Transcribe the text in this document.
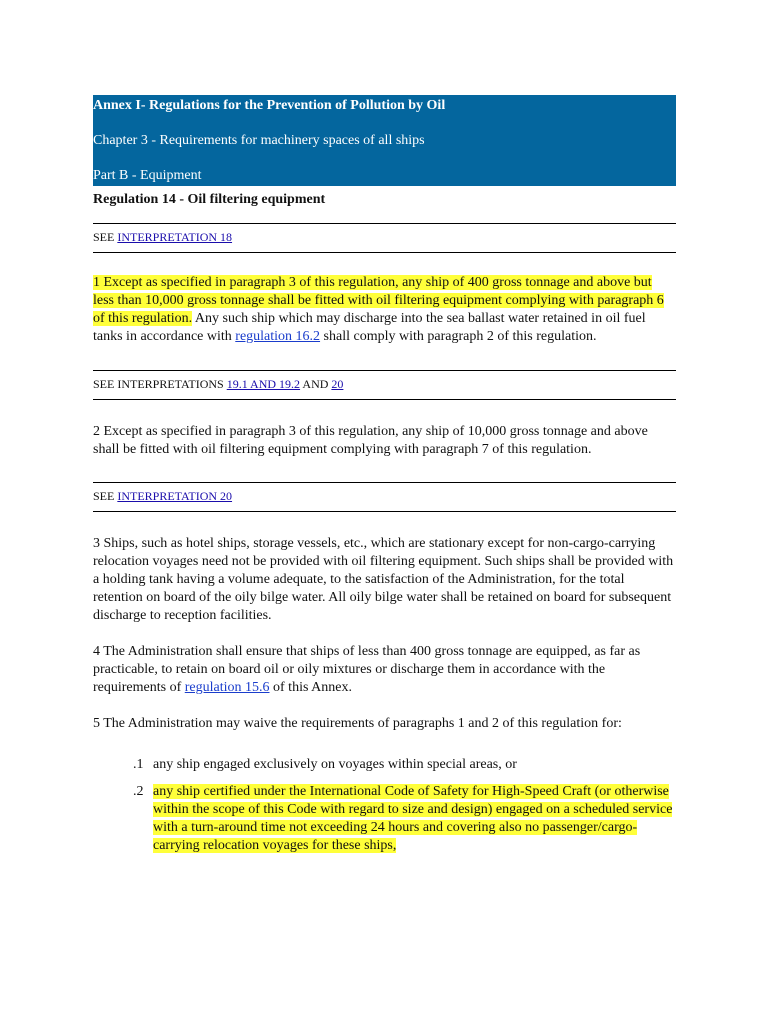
Annex I- Regulations for the Prevention of Pollution by Oil
Chapter 3 - Requirements for machinery spaces of all ships
Part B - Equipment
Regulation 14 - Oil filtering equipment
SEE INTERPRETATION 18

1 Except as specified in paragraph 3 of this regulation, any ship of 400 gross tonnage and above but less than 10,000 gross tonnage shall be fitted with oil filtering equipment complying with paragraph 6 of this regulation. Any such ship which may discharge into the sea ballast water retained in oil fuel tanks in accordance with regulation 16.2 shall comply with paragraph 2 of this regulation.

SEE INTERPRETATIONS 19.1 AND 19.2 AND 20

2 Except as specified in paragraph 3 of this regulation, any ship of 10,000 gross tonnage and above shall be fitted with oil filtering equipment complying with paragraph 7 of this regulation.

SEE INTERPRETATION 20

3 Ships, such as hotel ships, storage vessels, etc., which are stationary except for non-cargo-carrying relocation voyages need not be provided with oil filtering equipment. Such ships shall be provided with a holding tank having a volume adequate, to the satisfaction of the Administration, for the total retention on board of the oily bilge water. All oily bilge water shall be retained on board for subsequent discharge to reception facilities.

4 The Administration shall ensure that ships of less than 400 gross tonnage are equipped, as far as practicable, to retain on board oil or oily mixtures or discharge them in accordance with the requirements of regulation 15.6 of this Annex.

5 The Administration may waive the requirements of paragraphs 1 and 2 of this regulation for:

.1 any ship engaged exclusively on voyages within special areas, or
.2 any ship certified under the International Code of Safety for High-Speed Craft (or otherwise within the scope of this Code with regard to size and design) engaged on a scheduled service with a turn-around time not exceeding 24 hours and covering also no passenger/cargo-carrying relocation voyages for these ships,
